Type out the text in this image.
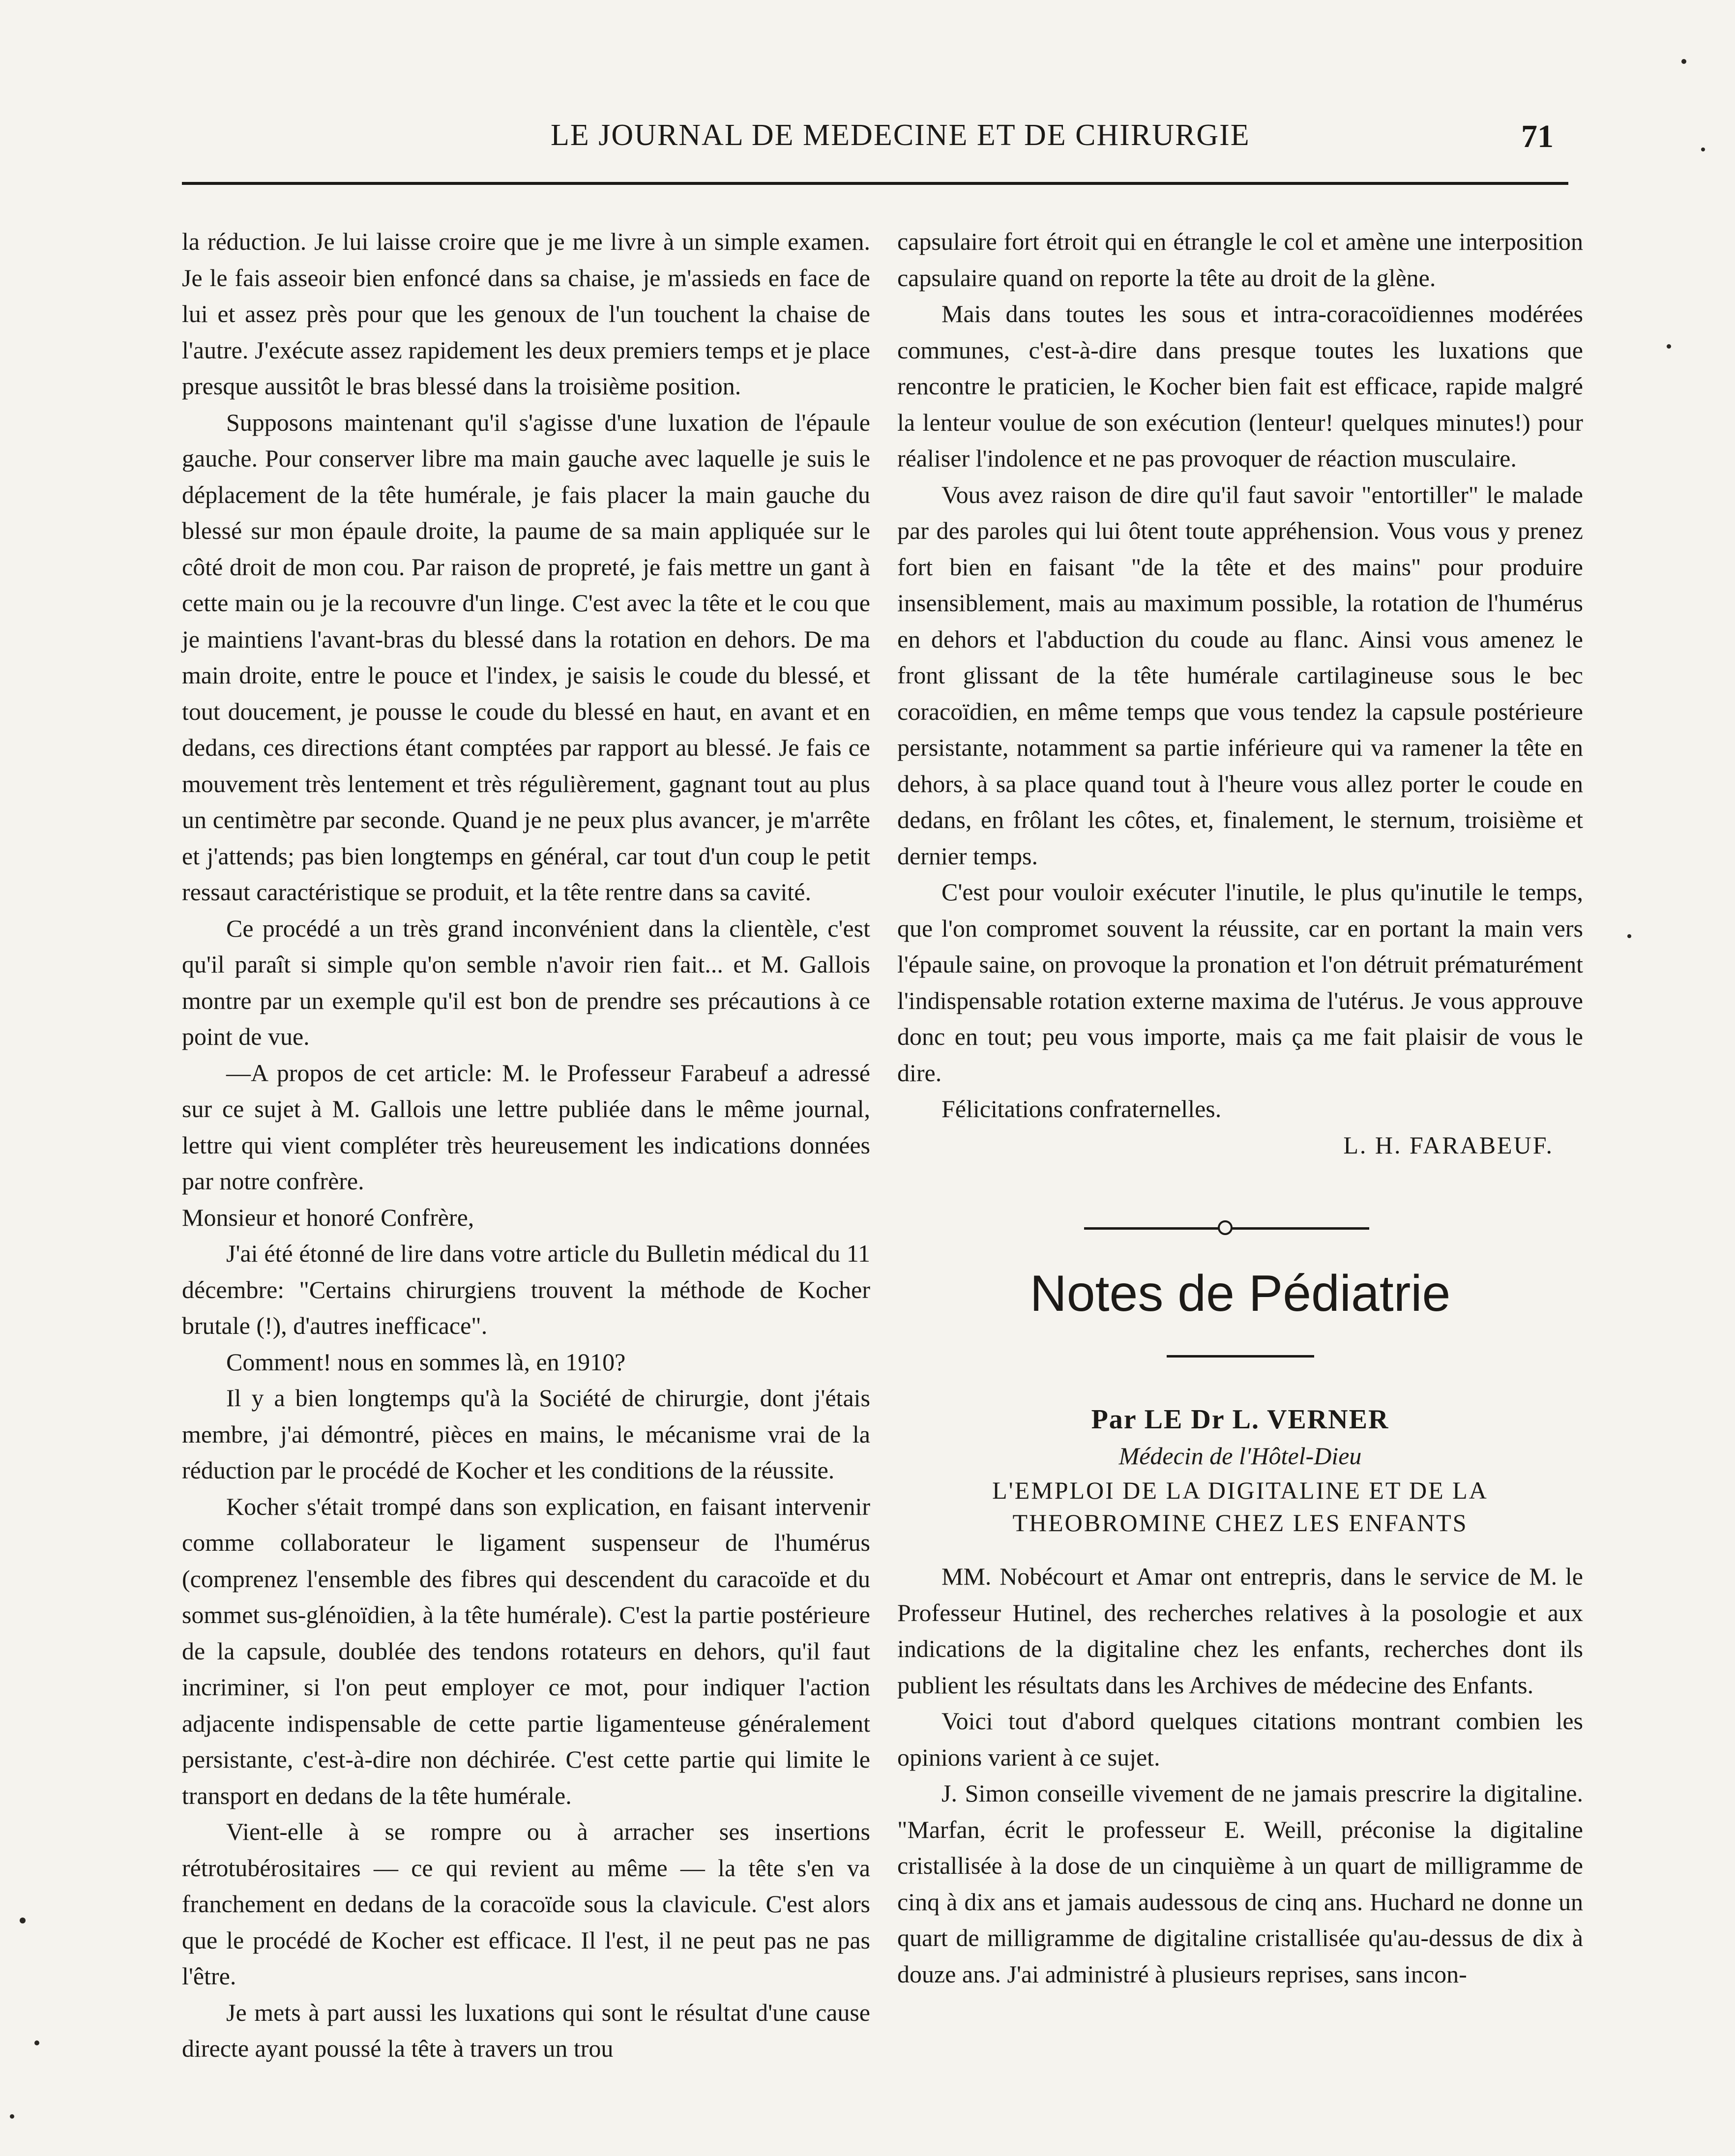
LE JOURNAL DE MEDECINE ET DE CHIRURGIE	71

la réduction. Je lui laisse croire que je me livre à un simple examen. Je le fais asseoir bien enfoncé dans sa chaise, je m'assieds en face de lui et assez près pour que les genoux de l'un touchent la chaise de l'autre. J'exécute assez rapidement les deux premiers temps et je place presque aussitôt le bras blessé dans la troisième position.

Supposons maintenant qu'il s'agisse d'une luxation de l'épaule gauche. Pour conserver libre ma main gauche avec laquelle je suis le déplacement de la tête humérale, je fais placer la main gauche du blessé sur mon épaule droite, la paume de sa main appliquée sur le côté droit de mon cou. Par raison de propreté, je fais mettre un gant à cette main ou je la recouvre d'un linge. C'est avec la tête et le cou que je maintiens l'avant-bras du blessé dans la rotation en dehors. De ma main droite, entre le pouce et l'index, je saisis le coude du blessé, et tout doucement, je pousse le coude du blessé en haut, en avant et en dedans, ces directions étant comptées par rapport au blessé. Je fais ce mouvement très lentement et très régulièrement, gagnant tout au plus un centimètre par seconde. Quand je ne peux plus avancer, je m'arrête et j'attends; pas bien longtemps en général, car tout d'un coup le petit ressaut caractéristique se produit, et la tête rentre dans sa cavité.

Ce procédé a un très grand inconvénient dans la clientèle, c'est qu'il paraît si simple qu'on semble n'avoir rien fait... et M. Gallois montre par un exemple qu'il est bon de prendre ses précautions à ce point de vue.

—A propos de cet article: M. le Professeur Farabeuf a adressé sur ce sujet à M. Gallois une lettre publiée dans le même journal, lettre qui vient compléter très heureusement les indications données par notre confrère.

Monsieur et honoré Confrère,

J'ai été étonné de lire dans votre article du Bulletin médical du 11 décembre: "Certains chirurgiens trouvent la méthode de Kocher brutale (!), d'autres inefficace".

Comment! nous en sommes là, en 1910?

Il y a bien longtemps qu'à la Société de chirurgie, dont j'étais membre, j'ai démontré, pièces en mains, le mécanisme vrai de la réduction par le procédé de Kocher et les conditions de la réussite.

Kocher s'était trompé dans son explication, en faisant intervenir comme collaborateur le ligament suspenseur de l'humérus (comprenez l'ensemble des fibres qui descendent du caracoïde et du sommet sus-glénoïdien, à la tête humérale). C'est la partie postérieure de la capsule, doublée des tendons rotateurs en dehors, qu'il faut incriminer, si l'on peut employer ce mot, pour indiquer l'action adjacente indispensable de cette partie ligamenteuse généralement persistante, c'est-à-dire non déchirée. C'est cette partie qui limite le transport en dedans de la tête humérale.

Vient-elle à se rompre ou à arracher ses insertions rétrotubérositaires — ce qui revient au même — la tête s'en va franchement en dedans de la coracoïde sous la clavicule. C'est alors que le procédé de Kocher est efficace. Il l'est, il ne peut pas ne pas l'être.

Je mets à part aussi les luxations qui sont le résultat d'une cause directe ayant poussé la tête à travers un trou

capsulaire fort étroit qui en étrangle le col et amène une interposition capsulaire quand on reporte la tête au droit de la glène.

Mais dans toutes les sous et intra-coracoïdiennes modérées communes, c'est-à-dire dans presque toutes les luxations que rencontre le praticien, le Kocher bien fait est efficace, rapide malgré la lenteur voulue de son exécution (lenteur! quelques minutes!) pour réaliser l'indolence et ne pas provoquer de réaction musculaire.

Vous avez raison de dire qu'il faut savoir "entortiller" le malade par des paroles qui lui ôtent toute appréhension. Vous vous y prenez fort bien en faisant "de la tête et des mains" pour produire insensiblement, mais au maximum possible, la rotation de l'humérus en dehors et l'abduction du coude au flanc. Ainsi vous amenez le front glissant de la tête humérale cartilagineuse sous le bec coracoïdien, en même temps que vous tendez la capsule postérieure persistante, notamment sa partie inférieure qui va ramener la tête en dehors, à sa place quand tout à l'heure vous allez porter le coude en dedans, en frôlant les côtes, et, finalement, le sternum, troisième et dernier temps.

C'est pour vouloir exécuter l'inutile, le plus qu'inutile le temps, que l'on compromet souvent la réussite, car en portant la main vers l'épaule saine, on provoque la pronation et l'on détruit prématurément l'indispensable rotation externe maxima de l'utérus. Je vous approuve donc en tout; peu vous importe, mais ça me fait plaisir de vous le dire.

Félicitations confraternelles.

L. H. FARABEUF.

Notes de Pédiatrie

Par LE Dr L. VERNER

Médecin de l'Hôtel-Dieu

L'EMPLOI DE LA DIGITALINE ET DE LA THEOBROMINE CHEZ LES ENFANTS

MM. Nobécourt et Amar ont entrepris, dans le service de M. le Professeur Hutinel, des recherches relatives à la posologie et aux indications de la digitaline chez les enfants, recherches dont ils publient les résultats dans les Archives de médecine des Enfants.

Voici tout d'abord quelques citations montrant combien les opinions varient à ce sujet.

J. Simon conseille vivement de ne jamais prescrire la digitaline. "Marfan, écrit le professeur E. Weill, préconise la digitaline cristallisée à la dose de un cinquième à un quart de milligramme de cinq à dix ans et jamais audessous de cinq ans. Huchard ne donne un quart de milligramme de digitaline cristallisée qu'au-dessus de dix à douze ans. J'ai administré à plusieurs reprises, sans incon-
